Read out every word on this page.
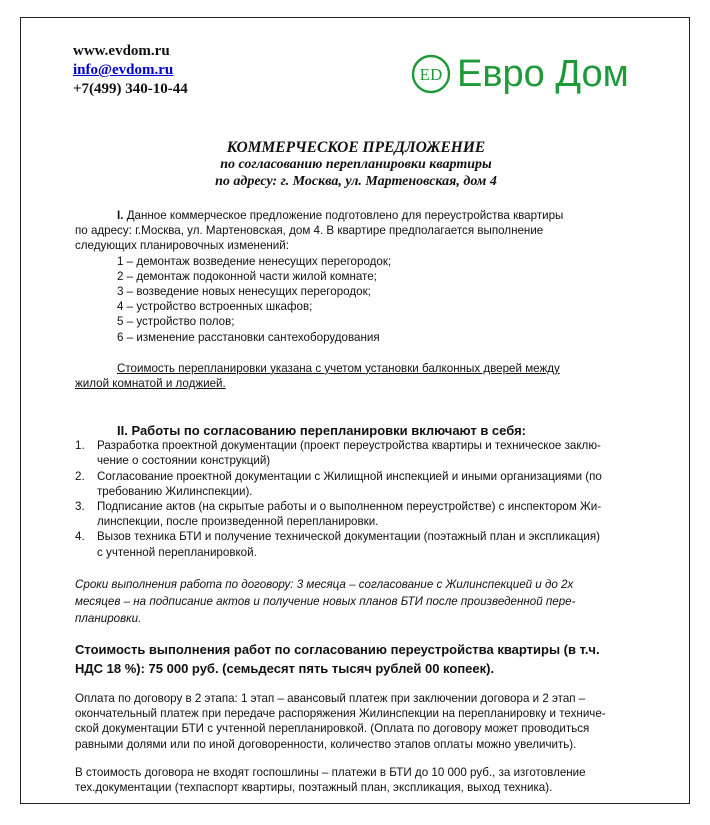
www.evdom.ru
info@evdom.ru
+7(499) 340-10-44
ED Евро Дом
КОММЕРЧЕСКОЕ ПРЕДЛОЖЕНИЕ
по согласованию перепланировки квартиры
по адресу: г. Москва, ул. Мартеновская, дом 4
I. Данное коммерческое предложение подготовлено для переустройства квартиры
по адресу: г.Москва, ул. Мартеновская, дом 4. В квартире предполагается выполнение
следующих планировочных изменений:
1 – демонтаж возведение ненесущих перегородок;
2 – демонтаж подоконной части жилой комнате;
3 – возведение новых ненесущих перегородок;
4 – устройство встроенных шкафов;
5 – устройство полов;
6 – изменение расстановки сантехоборудования
Стоимость перепланировки указана с учетом установки балконных дверей между
жилой комнатой и лоджией.
II. Работы по согласованию перепланировки включают в себя:
1. Разработка проектной документации (проект переустройства квартиры и техническое заклю-
чение о состоянии конструкций)
2. Согласование проектной документации с Жилищной инспекцией и иными организациями (по
требованию Жилинспекции).
3. Подписание актов (на скрытые работы и о выполненном переустройстве) с инспектором Жи-
линспекции, после произведенной перепланировки.
4. Вызов техника БТИ и получение технической документации (поэтажный план и экспликация)
с учтенной перепланировкой.
Сроки выполнения работа по договору: 3 месяца – согласование с Жилинспекцией и до 2х
месяцев – на подписание актов и получение новых планов БТИ после произведенной пере-
планировки.
Стоимость выполнения работ по согласованию переустройства квартиры (в т.ч.
НДС 18 %): 75 000 руб. (семьдесят пять тысяч рублей 00 копеек).
Оплата по договору в 2 этапа: 1 этап – авансовый платеж при заключении договора и 2 этап –
окончательный платеж при передаче распоряжения Жилинспекции на перепланировку и техниче-
ской документации БТИ с учтенной перепланировкой. (Оплата по договору может проводиться
равными долями или по иной договоренности, количество этапов оплаты можно увеличить).
В стоимость договора не входят госпошлины – платежи в БТИ до 10 000 руб., за изготовление
тех.документации (техпаспорт квартиры, поэтажный план, экспликация, выход техника).
